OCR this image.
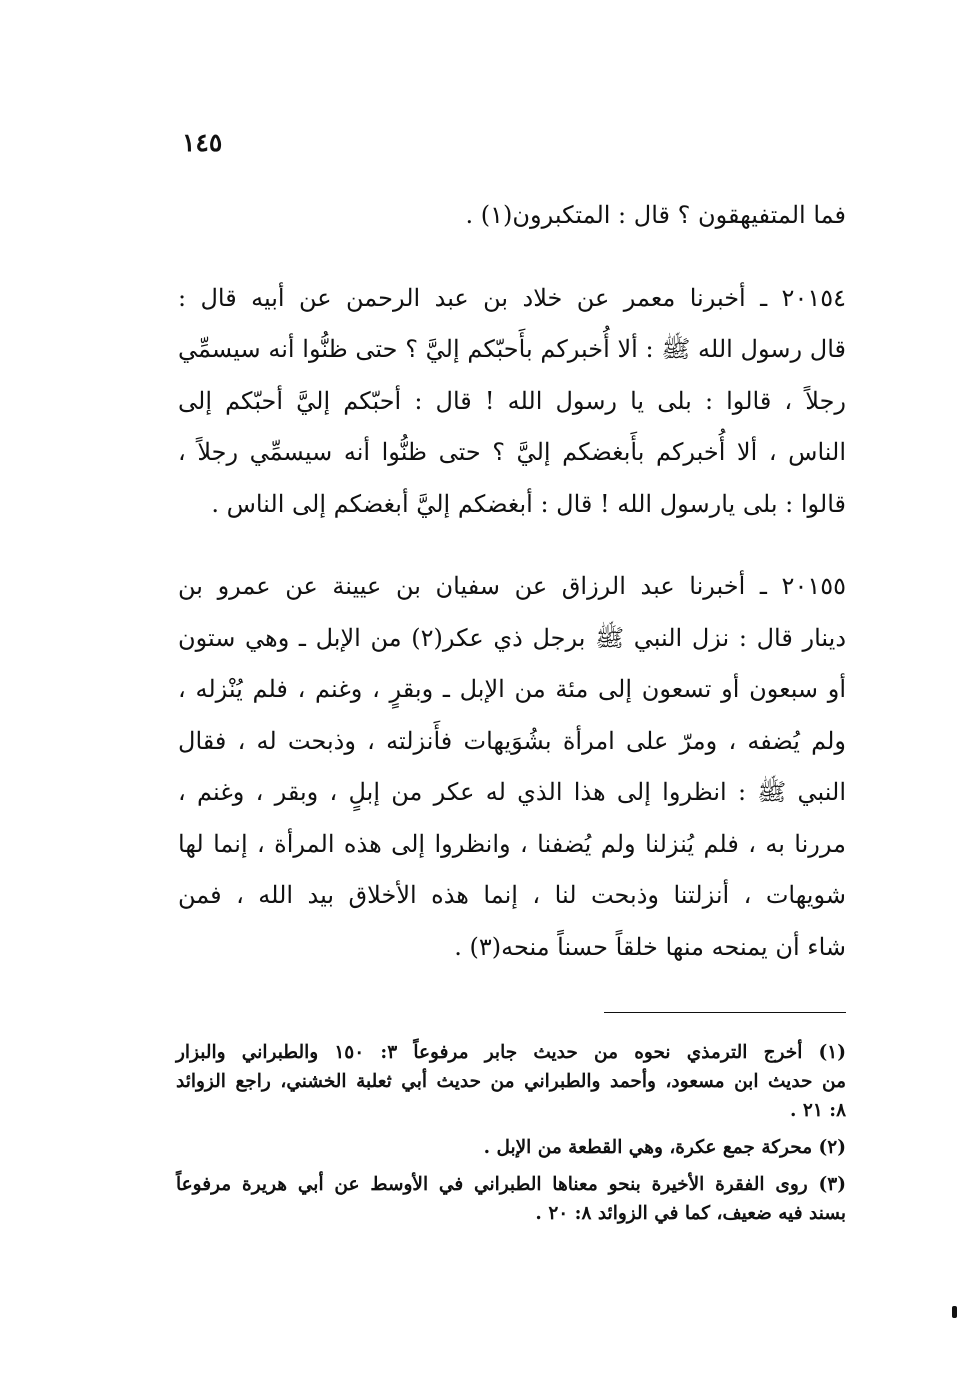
١٤٥
فما المتفيهقون ؟ قال : المتكبرون(١) .
٢٠١٥٤ ـ أخبرنا معمر عن خلاد بن عبد الرحمن عن أبيه قال :
قال رسول الله ﷺ : ألا أُخبركم بأَحبّكم إليَّ ؟ حتى ظنُّوا أنه سيسمِّي
رجلاً ، قالوا : بلى يا رسول الله ! قال : أحبّكم إليَّ أحبّكم إلى
الناس ، ألا أُخبركم بأَبغضكم إليَّ ؟ حتى ظنُّوا أنه سيسمِّي رجلاً ،
قالوا : بلى يارسول الله ! قال : أبغضكم إليَّ أبغضكم إلى الناس .
٢٠١٥٥ ـ أخبرنا عبد الرزاق عن سفيان بن عيينة عن عمرو بن
دينار قال : نزل النبي ﷺ برجل ذي عكر(٢) من الإبل ـ وهي ستون
أو سبعون أو تسعون إلى مئة من الإبل ـ وبقرٍ ، وغنم ، فلم يُنْزله ،
ولم يُضفه ، ومرّ على امرأة بشُوَيهات فأَنزلته ، وذبحت له ، فقال
النبي ﷺ : انظروا إلى هذا الذي له عكر من إبلٍ ، وبقر ، وغنم ،
مررنا به ، فلم يُنزلنا ولم يُضفنا ، وانظروا إلى هذه المرأة ، إنما لها
شويهات ، أنزلتنا وذبحت لنا ، إنما هذه الأخلاق بيد الله ، فمن
شاء أن يمنحه منها خلقاً حسناً منحه(٣) .
(١) أخرج الترمذي نحوه من حديث جابر مرفوعاً ٣: ١٥٠ والطبراني والبزار
من حديث ابن مسعود، وأحمد والطبراني من حديث أبي ثعلبة الخشني، راجع الزوائد
٨: ٢١ .
(٢) محركة جمع عكرة، وهي القطعة من الإبل .
(٣) روى الفقرة الأخيرة بنحو معناها الطبراني في الأوسط عن أبي هريرة مرفوعاً
بسند فيه ضعيف، كما في الزوائد ٨: ٢٠ .
